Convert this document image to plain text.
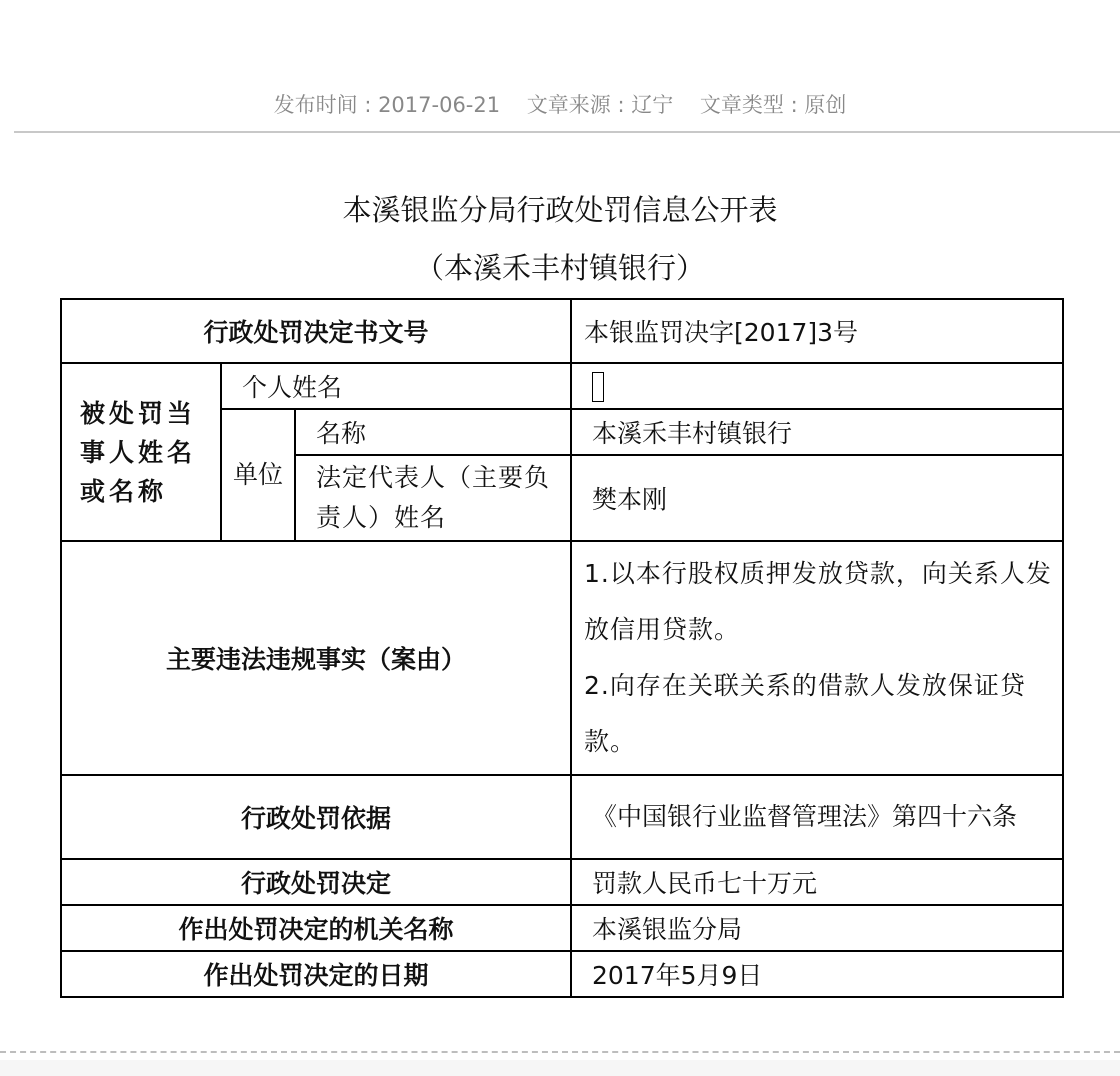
发布时间 : 2017-06-21 文章来源 : 辽宁 文章类型 : 原创
本溪银监分局行政处罚信息公开表
（本溪禾丰村镇银行）
行政处罚决定书文号			本银监罚决字[2017]3号
被处罚当事人姓名或名称	个人姓名		
	单位	名称	本溪禾丰村镇银行
		法定代表人（主要负责人）姓名	樊本刚
主要违法违规事实（案由）			1.以本行股权质押发放贷款，向关系人发放信用贷款。

2.向存在关联关系的借款人发放保证贷款。

行政处罚依据			《中国银行业监督管理法》第四十六条
行政处罚决定			罚款人民币七十万元
作出处罚决定的机关名称			本溪银监分局
作出处罚决定的日期			2017年5月9日
